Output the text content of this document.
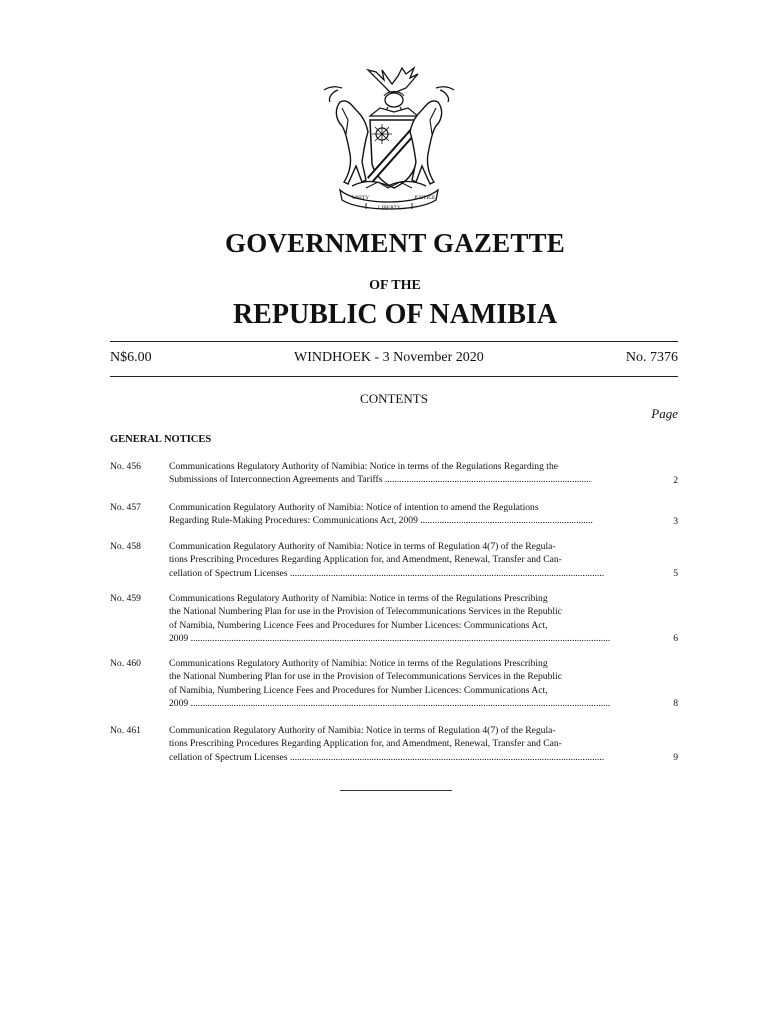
UNITY
LIBERTY
JUSTICE
GOVERNMENT GAZETTE
OF THE
REPUBLIC OF NAMIBIA
N$6.00	WINDHOEK - 3 November 2020	No. 7376
CONTENTS
Page
GENERAL NOTICES
No. 456	Communications Regulatory Authority of Namibia: Notice in terms of the Regulations Regarding the
Submissions of Interconnection Agreements and Tariffs ......................................................................................	2
No. 457	Communication Regulatory Authority of Namibia: Notice of intention to amend the Regulations
Regarding Rule-Making Procedures: Communications Act, 2009 ........................................................................	3
No. 458	Communication Regulatory Authority of Namibia: Notice in terms of Regulation 4(7) of the Regula-
tions Prescribing Procedures Regarding Application for, and Amendment, Renewal, Transfer and Can-
cellation of Spectrum Licenses ...................................................................................................................................	5
No. 459	Communications Regulatory Authority of Namibia: Notice in terms of the Regulations Prescribing
the National Numbering Plan for use in the Provision of Telecommunications Services in the Republic
of Namibia, Numbering Licence Fees and Procedures for Number Licences: Communications Act,
2009 ...............................................................................................................................................................................	6
No. 460	Communications Regulatory Authority of Namibia: Notice in terms of the Regulations Prescribing
the National Numbering Plan for use in the Provision of Telecommunications Services in the Republic
of Namibia, Numbering Licence Fees and Procedures for Number Licences: Communications Act,
2009 ...............................................................................................................................................................................	8
No. 461	Communication Regulatory Authority of Namibia: Notice in terms of Regulation 4(7) of the Regula-
tions Prescribing Procedures Regarding Application for, and Amendment, Renewal, Transfer and Can-
cellation of Spectrum Licenses ...................................................................................................................................	9
